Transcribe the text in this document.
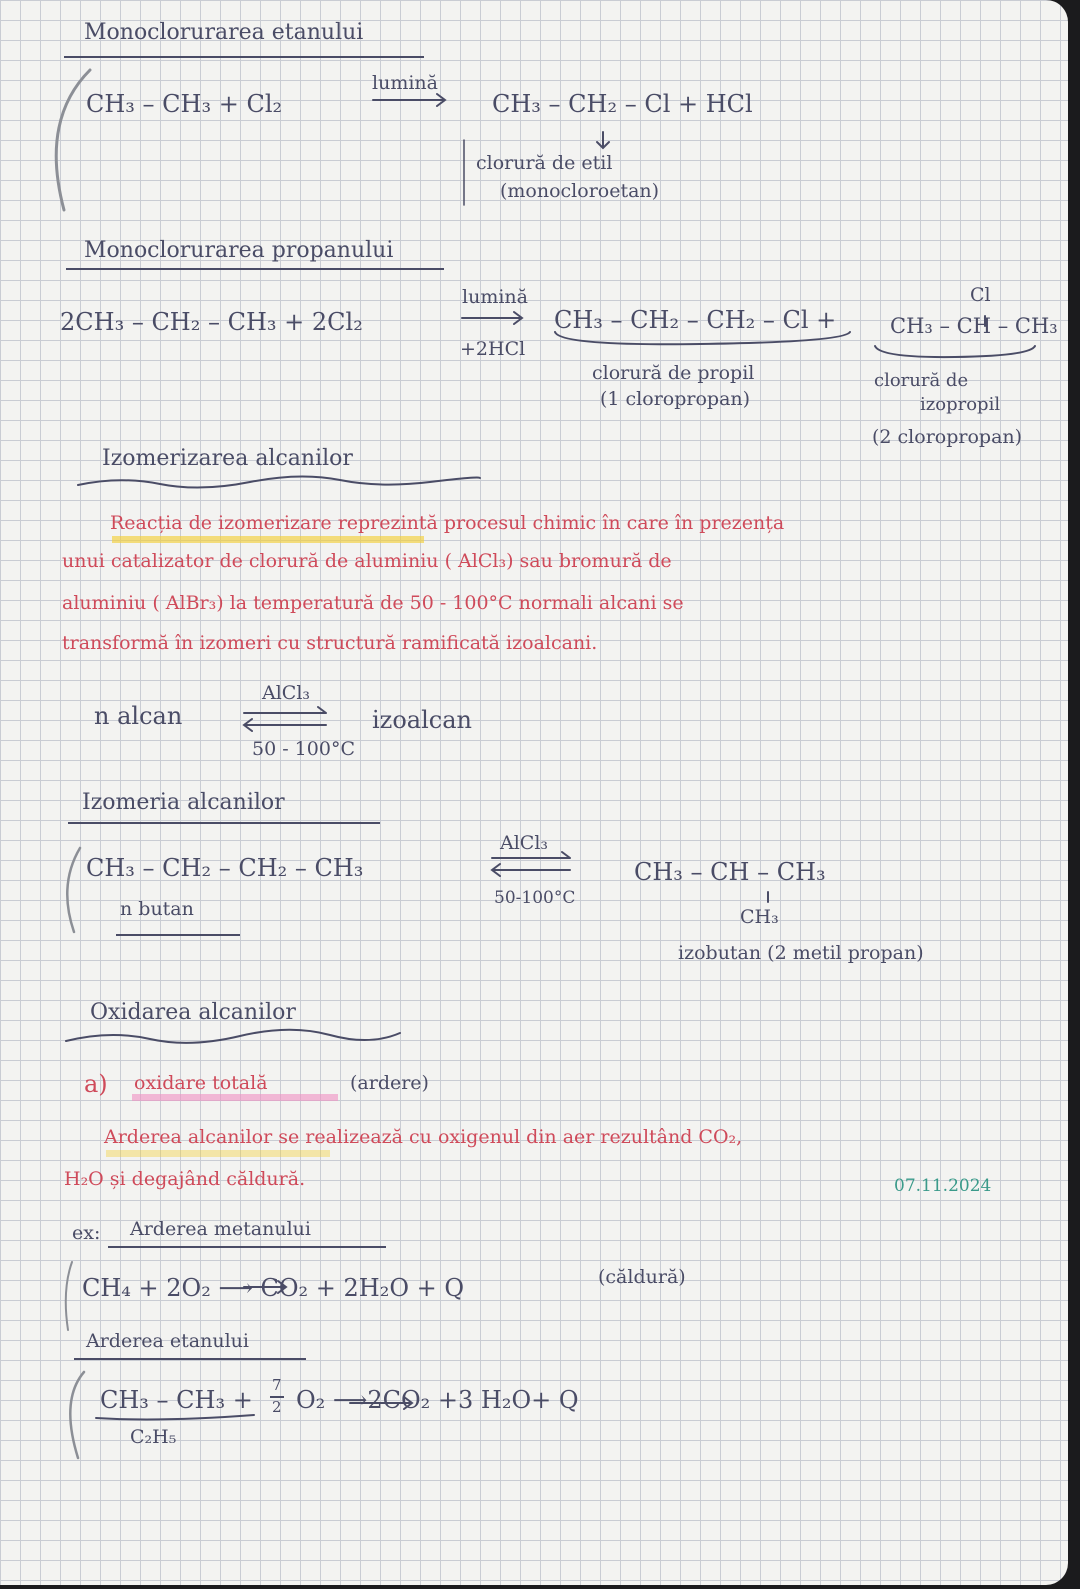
Monoclorurarea etanului
CH₃ – CH₃ + Cl₂
lumină
CH₃ – CH₂ – Cl + HCl
clorură de etil
(monocloroetan)
Monoclorurarea propanului
2CH₃ – CH₂ – CH₃ + 2Cl₂
lumină
+2HCl
CH₃ – CH₂ – CH₂ – Cl +
Cl
CH₃ – CH – CH₃
clorură de propil
(1 cloropropan)
clorură de
izopropil
(2 cloropropan)
Izomerizarea alcanilor
Reacția de izomerizare reprezintă procesul chimic în care în prezența
unui catalizator de clorură de aluminiu ( AlCl₃) sau bromură de
aluminiu ( AlBr₃) la temperatură de 50 - 100°C normali alcani se
transformă în izomeri cu structură ramificată izoalcani.
n alcan
AlCl₃
50 - 100°C
izoalcan
Izomeria alcanilor
CH₃ – CH₂ – CH₂ – CH₃
n butan
AlCl₃
50-100°C
CH₃ – CH – CH₃
CH₃
izobutan (2 metil propan)
Oxidarea alcanilor
a) oxidare totală	(ardere)
Arderea alcanilor se realizează cu oxigenul din aer rezultând CO₂,
H₂O și degajând căldură.	07.11.2024
ex: Arderea metanului
CH₄ + 2O₂ ⟶ CO₂ + 2H₂O + Q	(căldură)
Arderea etanului
CH₃ – CH₃ +
7
2 O₂ ⟶2CO₂ +3 H₂O+ Q
C₂H₅
